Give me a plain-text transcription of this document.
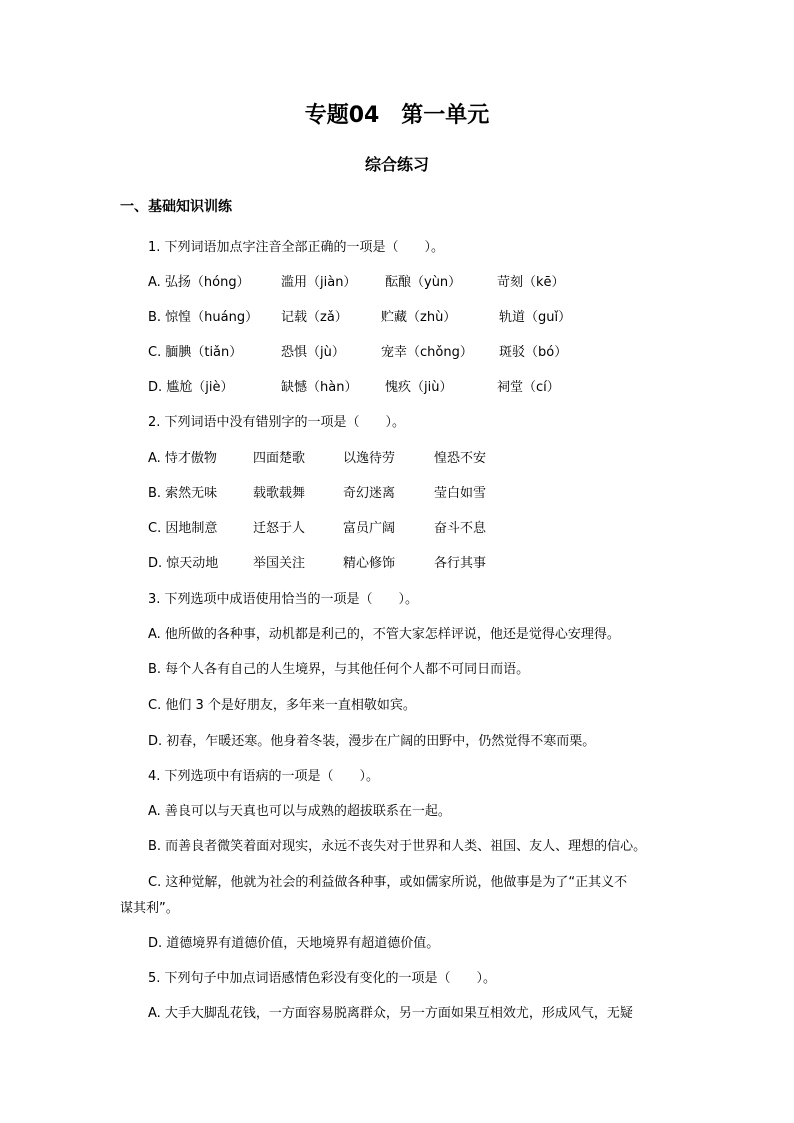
专题04　第一单元
综合练习
一、基础知识训练
1. 下列词语加点字注音全部正确的一项是（　　）。
A. 弘扬（hóng） 滥用（jiàn） 酝酿（yùn）	苛刻（kē）
B. 惊惶（huáng） 记载（zǎ）	贮藏（zhù）	轨道（guǐ）
C. 腼腆（tiǎn）	恐惧（jù）	宠幸（chǒng） 斑驳（bó）
D. 尴尬（jiè）	缺憾（hàn） 愧疚（jiù）	祠堂（cí）
2. 下列词语中没有错别字的一项是（　　）。
A. 恃才傲物	四面楚歌	以逸待劳	惶恐不安
B. 索然无味	载歌载舞	奇幻迷离	莹白如雪
C. 因地制意	迁怒于人	富员广阔	奋斗不息
D. 惊天动地	举国关注	精心修饰	各行其事
3. 下列选项中成语使用恰当的一项是（　　）。
A. 他所做的各种事，动机都是利己的，不管大家怎样评说，他还是觉得心安理得。
B. 每个人各有自己的人生境界，与其他任何个人都不可同日而语。
C. 他们 3 个是好朋友，多年来一直相敬如宾。
D. 初春，乍暖还寒。他身着冬装，漫步在广阔的田野中，仍然觉得不寒而栗。
4. 下列选项中有语病的一项是（　　）。
A. 善良可以与天真也可以与成熟的超拔联系在一起。
B. 而善良者微笑着面对现实，永远不丧失对于世界和人类、祖国、友人、理想的信心。
C. 这种觉解，他就为社会的利益做各种事，或如儒家所说，他做事是为了“正其义不
谋其利”。
D. 道德境界有道德价值，天地境界有超道德价值。
5. 下列句子中加点词语感情色彩没有变化的一项是（　　）。
A. 大手大脚乱花钱，一方面容易脱离群众，另一方面如果互相效尤，形成风气，无疑
